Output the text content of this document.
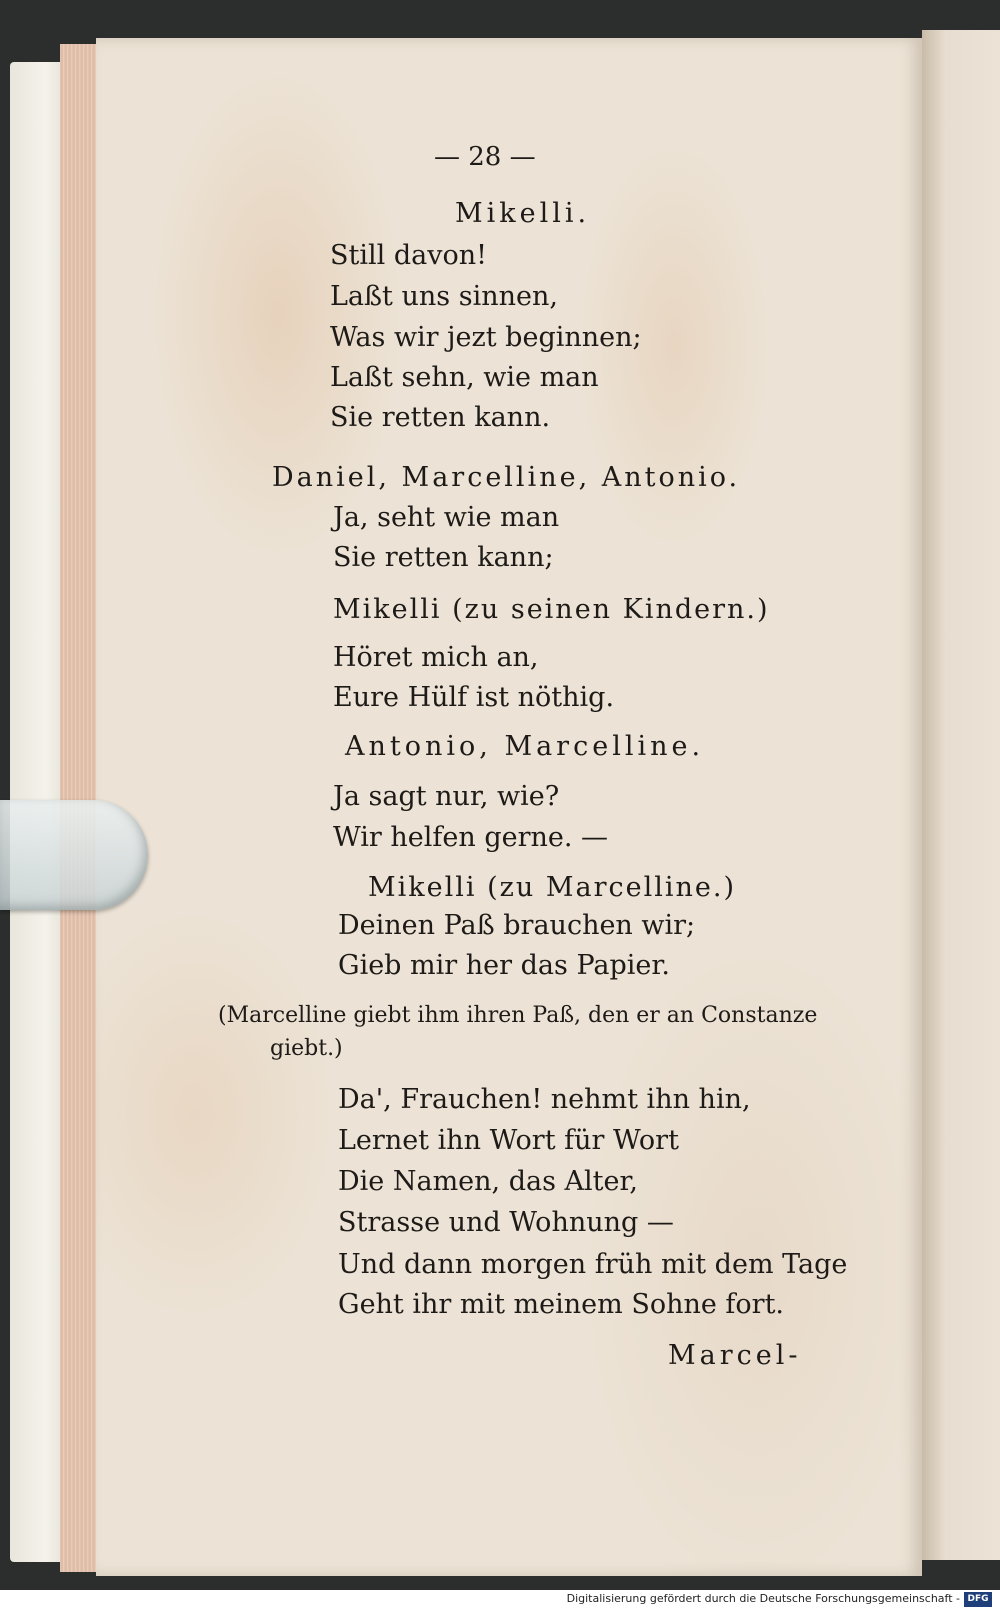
— 28 —
Mikelli.
Still davon!
Laßt uns sinnen,
Was wir jezt beginnen;
Laßt sehn, wie man
Sie retten kann.
Daniel, Marcelline, Antonio.
Ja, seht wie man
Sie retten kann;
Mikelli (zu seinen Kindern.)
Höret mich an,
Eure Hülf ist nöthig.
Antonio, Marcelline.
Ja sagt nur, wie?
Wir helfen gerne. —
Mikelli (zu Marcelline.)
Deinen Paß brauchen wir;
Gieb mir her das Papier.
(Marcelline giebt ihm ihren Paß, den er an Constanze
giebt.)
Da', Frauchen! nehmt ihn hin,
Lernet ihn Wort für Wort
Die Namen, das Alter,
Strasse und Wohnung —
Und dann morgen früh mit dem Tage
Geht ihr mit meinem Sohne fort.
Marcel-
Digitalisierung gefördert durch die Deutsche Forschungsgemeinschaft - DFG
